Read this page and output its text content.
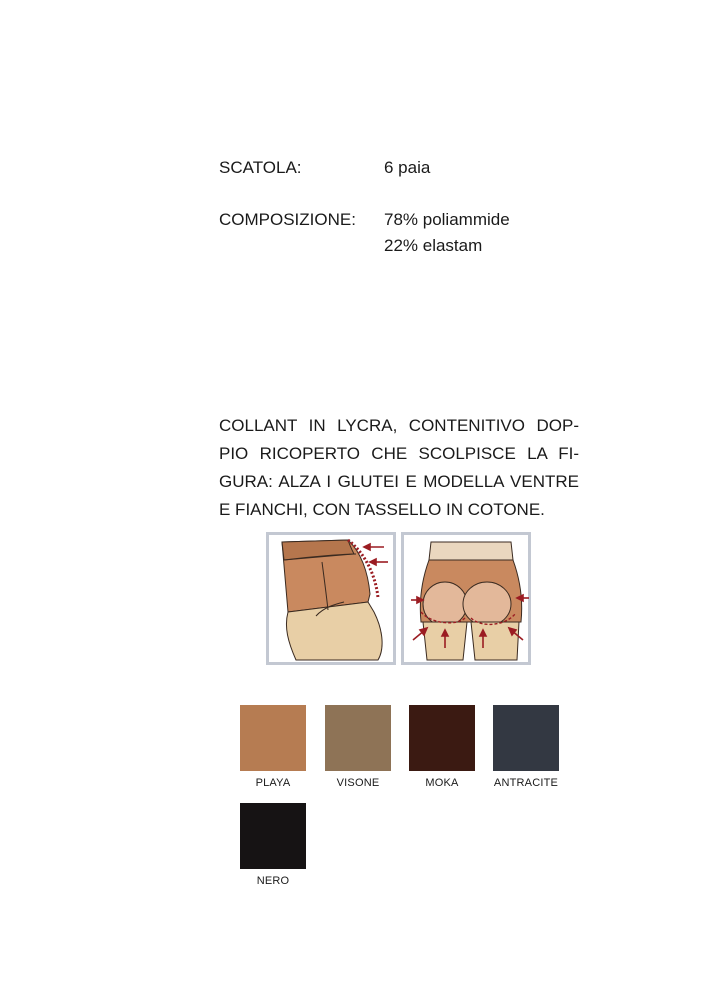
SCATOLA:	6 paia
COMPOSIZIONE: 78% poliammide
22% elastam
COLLANT IN LYCRA, CONTENITIVO DOP-
PIO RICOPERTO CHE SCOLPISCE LA FI-
GURA: ALZA I GLUTEI E MODELLA VENTRE
E FIANCHI, CON TASSELLO IN COTONE.
PLAYA	VISONE	MOKA	ANTRACITE
NERO
